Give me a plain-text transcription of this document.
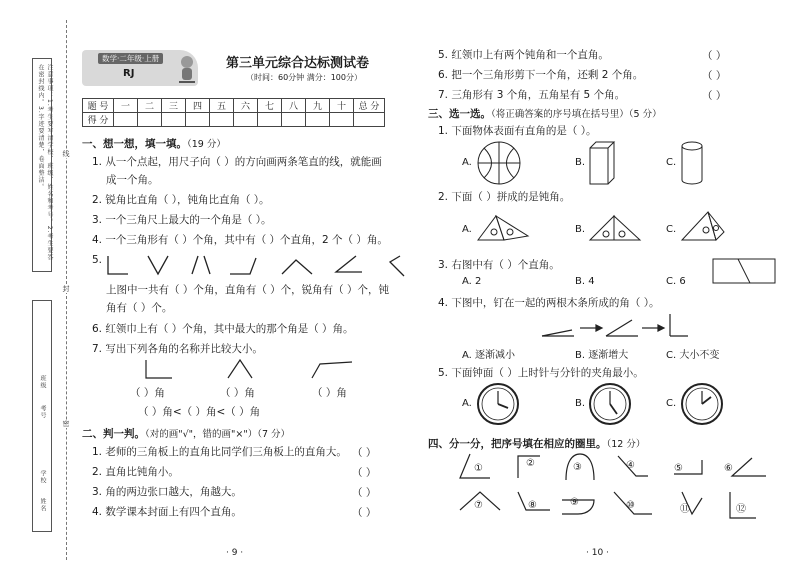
注意事项：1.考生要写清学校、班级、姓名和考号。2.考生要答在密封线内。3.字迹要清楚，卷面整洁。	线
封
密
班级
考号
学校
姓名
数学·二年级·上册
RJ
第三单元综合达标测试卷
（时间：60分钟 满分：100分）
题 号	一	二	三	四	五	六	七	八	九	十	总 分
得 分											
一、想一想，填一填。（19 分）
1. 从一个点起，用尺子向（ ）的方向画两条笔直的线，就能画
成一个角。
2. 锐角比直角（ ），钝角比直角（ ）。
3. 一个三角尺上最大的一个角是（ ）。
4. 一个三角形有（ ）个角，其中有（ ）个直角，2 个（ ）角。
5.
上图中一共有（ ）个角，直角有（ ）个，锐角有（ ）个，钝
角有（ ）个。
6. 红领巾上有（ ）个角，其中最大的那个角是（ ）角。
7. 写出下列各角的名称并比较大小。
（ ）角	（ ）角	（ ）角
（ ）角<（ ）角<（ ）角
二、判一判。（对的画"√"，错的画"×"）（7 分）
1. 老师的三角板上的直角比同学们三角板上的直角大。 （ ）
2. 直角比钝角小。	（ ）
3. 角的两边张口越大，角越大。	（ ）
4. 数学课本封面上有四个直角。	（ ）
· 9 ·
5. 红领巾上有两个钝角和一个直角。	（ ）
6. 把一个三角形剪下一个角，还剩 2 个角。	（ ）
7. 三角形有 3 个角，五角星有 5 个角。	（ ）
三、选一选。（将正确答案的序号填在括号里）（5 分）
1. 下面物体表面有直角的是（ ）。
A.	B.	C.
2. 下面（ ）拼成的是钝角。
A.	B.	C.
3. 右图中有（ ）个直角。
A. 2	B. 4	C. 6
4. 下图中，钉在一起的两根木条所成的角（ ）。
A. 逐渐减小	B. 逐渐增大	C. 大小不变
5. 下面钟面（ ）上时针与分针的夹角最小。
A.	B.	C.
四、分一分，把序号填在相应的圈里。（12 分）
①	②	③	④	⑤	⑥
⑦	⑧	⑨	⑩	⑪	⑫
· 10 ·
